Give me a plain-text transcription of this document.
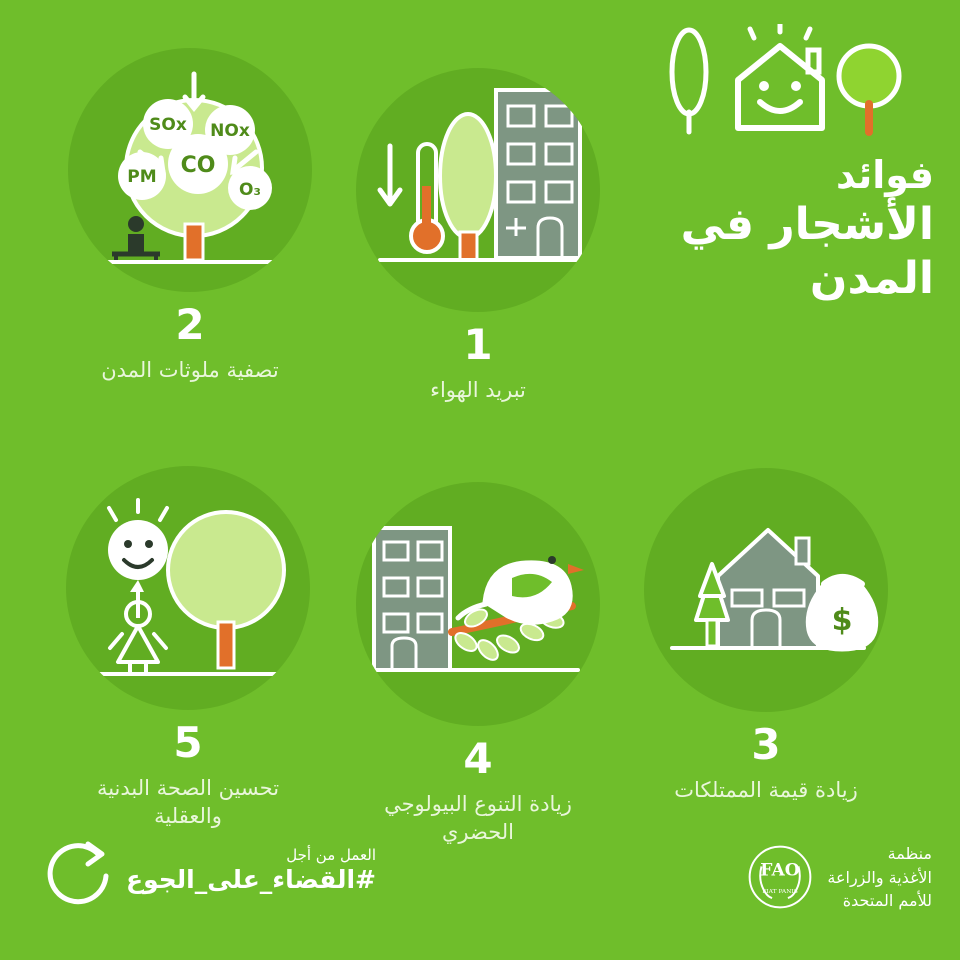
فوائد
الأشجار في
المدن
1
تبريد الهواء
SOx NOx
PM CO
O₃
2
تصفية ملوثات المدن
$
3
زيادة قيمة الممتلكات
4
زيادة التنوع البيولوجي الحضري
5
تحسين الصحة البدنية والعقلية
العمل من أجل
#القضاء_على_الجوع
منظمة
الأغذية والزراعة
للأمم المتحدة
FAO
FIAT PANIS
